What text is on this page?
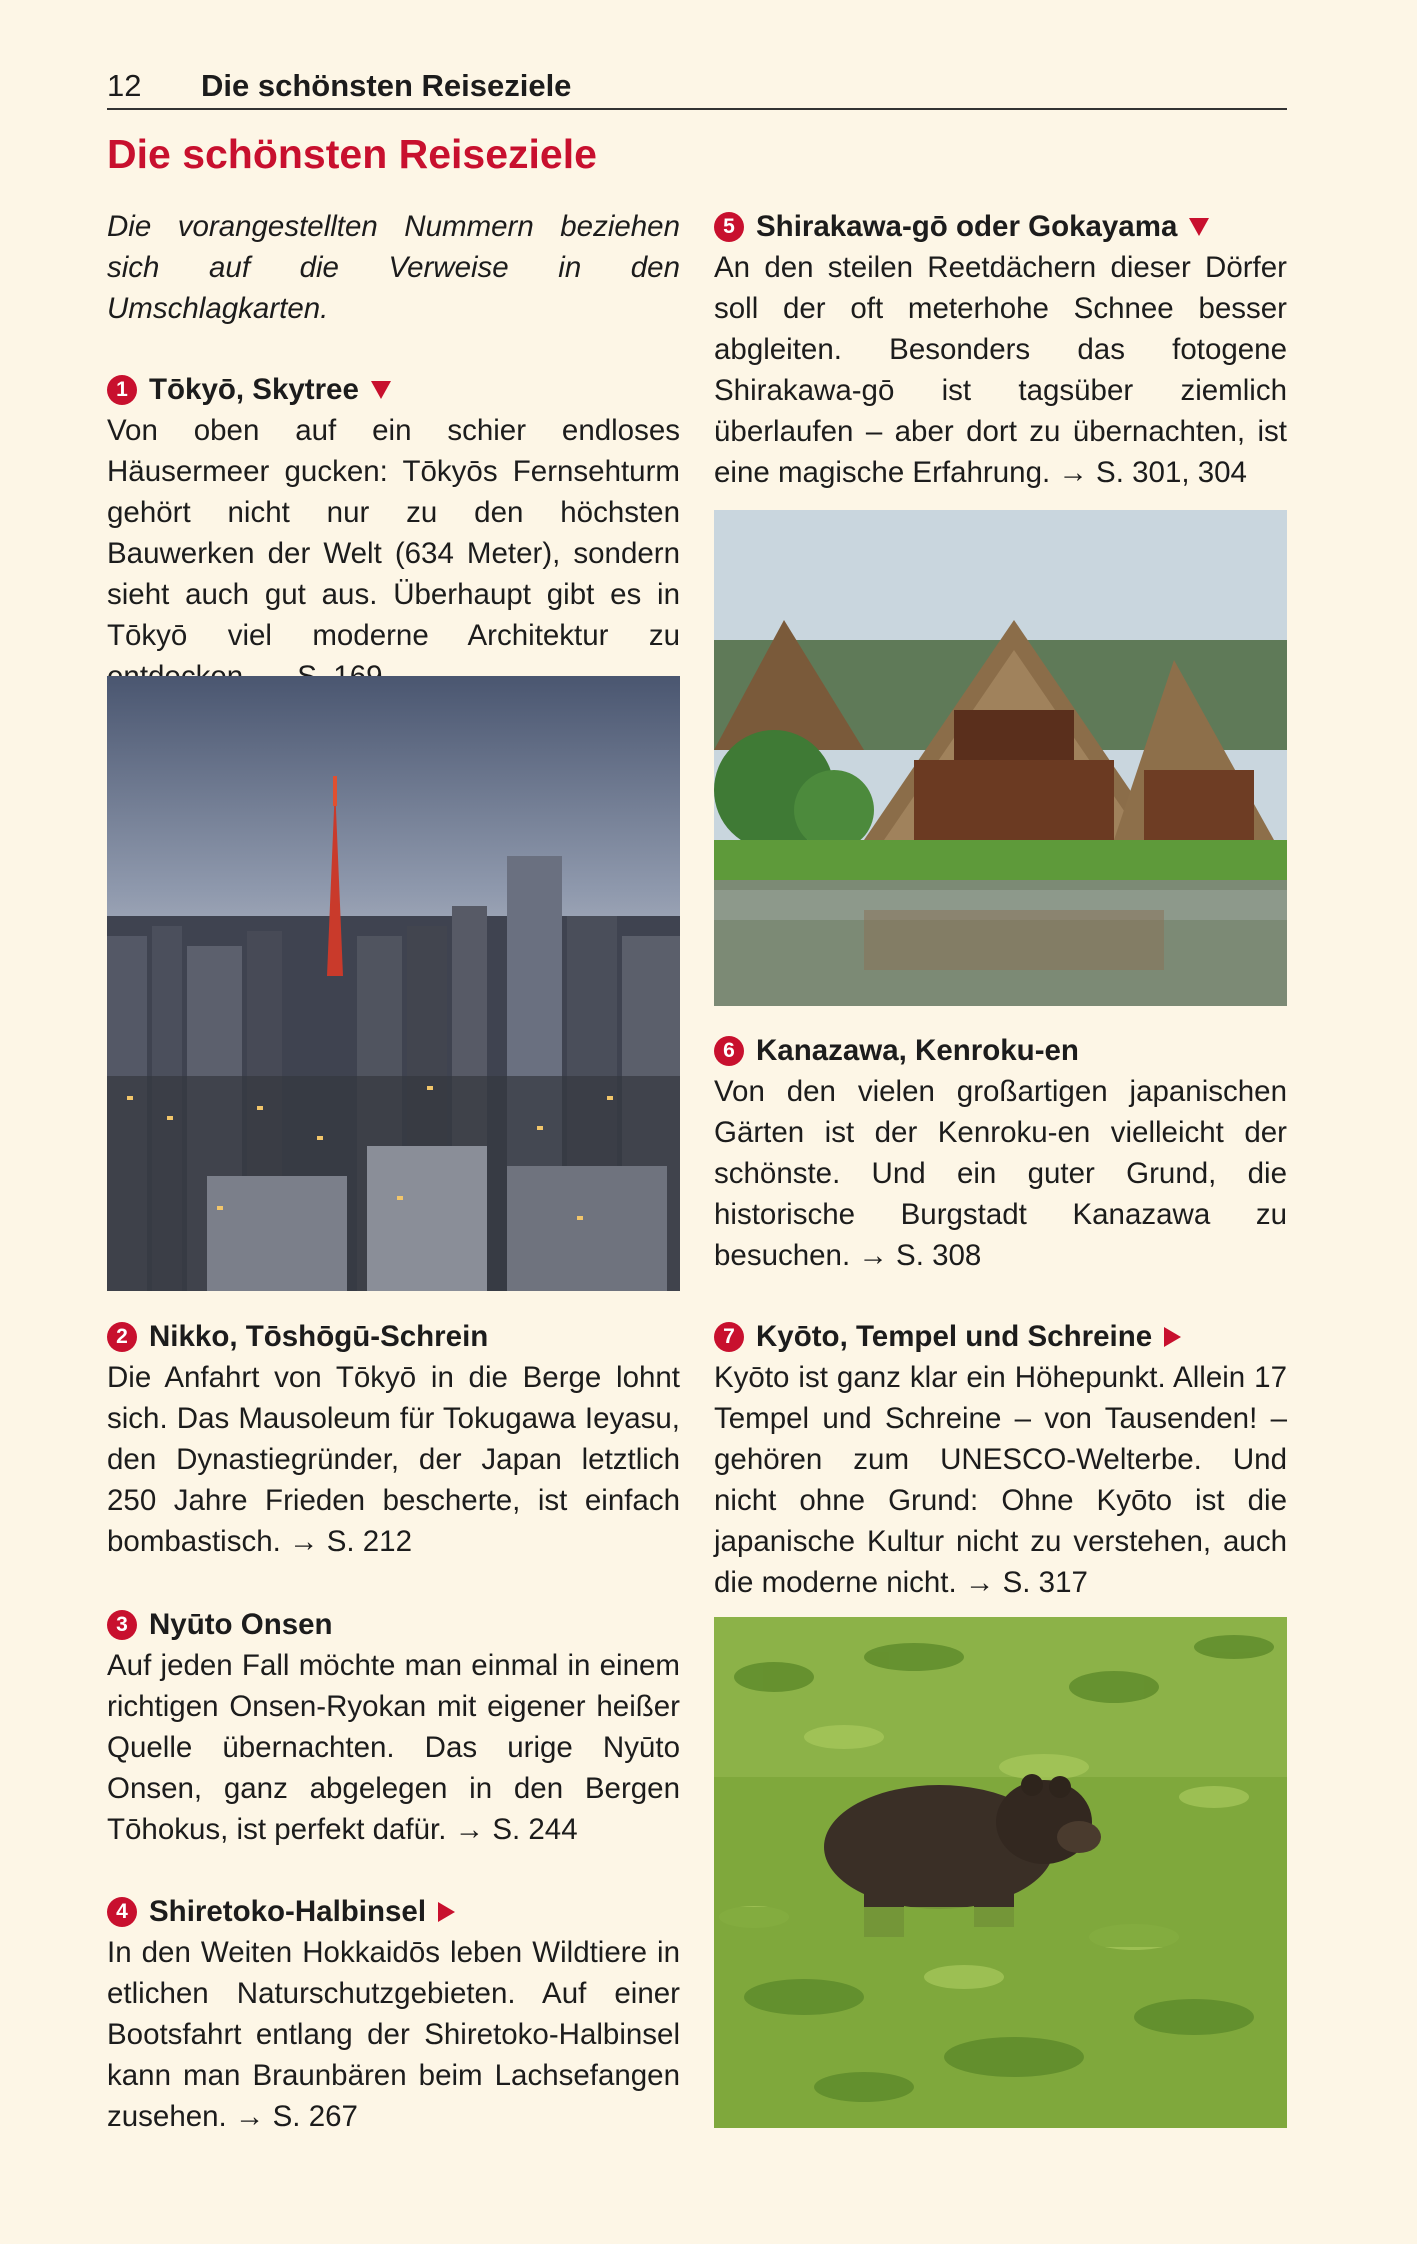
12 Die schönsten Reiseziele
Die schönsten Reiseziele

Die vorangestellten Nummern beziehen sich auf die Verweise in den Umschlagkarten.

1 Tōkyō, Skytree

Von oben auf ein schier endloses Häusermeer gucken: Tōkyōs Fernsehturm gehört nicht nur zu den höchsten Bauwerken der Welt (634 Meter), sondern sieht auch gut aus. Überhaupt gibt es in Tōkyō viel moderne Architektur zu

2 Nikko, Tōshōgū-Schrein

Die Anfahrt von Tōkyō in die Berge lohnt sich. Das Mausoleum für Tokugawa Ieyasu, den Dynastiegründer, der Japan letztlich 250 Jahre Frieden bescherte, ist einfach bombastisch. → S. 212

3 Nyūto Onsen

Auf jeden Fall möchte man einmal in einem richtigen Onsen-Ryokan mit eigener heißer Quelle übernachten. Das urige Nyūto Onsen, ganz abgelegen in den Bergen Tōhokus, ist perfekt dafür. → S. 244

4 Shiretoko-Halbinsel

In den Weiten Hokkaidōs leben Wildtiere in etlichen Naturschutzgebieten. Auf einer Bootsfahrt entlang der Shiretoko-Halbinsel kann man Braunbären beim Lachsefangen zusehen. → S. 267

5 Shirakawa-gō oder Gokayama

An den steilen Reetdächern dieser Dörfer soll der oft meterhohe Schnee besser abgleiten. Besonders das fotogene Shirakawa-gō ist tagsüber ziemlich überlaufen – aber dort zu übernachten, ist eine magische Erfahrung. → S. 301, 304

6 Kanazawa, Kenroku-en

Von den vielen großartigen japanischen Gärten ist der Kenroku-en vielleicht der schönste. Und ein guter Grund, die historische Burgstadt Kanazawa zu besuchen. → S. 308

7 Kyōto, Tempel und Schreine

Kyōto ist ganz klar ein Höhepunkt. Allein 17 Tempel und Schreine – von Tausenden! – gehören zum UNESCO-Welterbe. Und nicht ohne Grund: Ohne Kyōto ist die japanische Kultur nicht zu verstehen, auch die moderne nicht. → S. 317
